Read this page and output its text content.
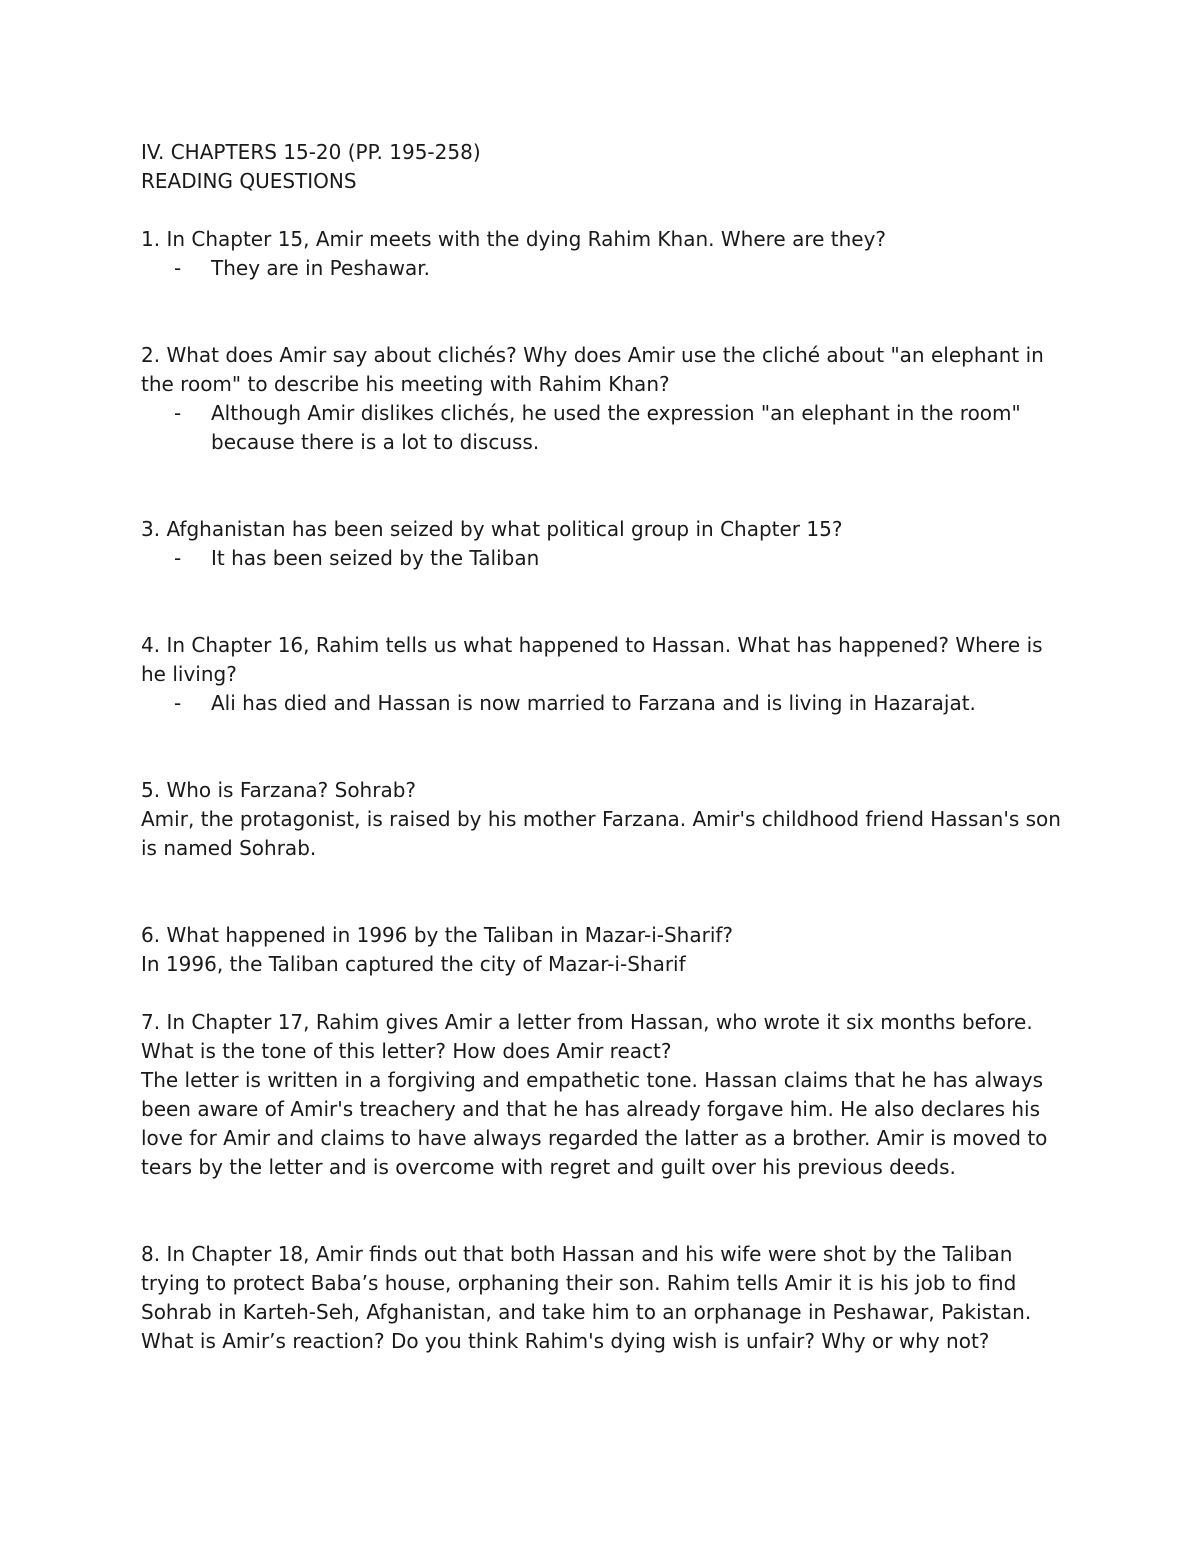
IV. CHAPTERS 15-20 (PP. 195-258)

READING QUESTIONS

1. In Chapter 15, Amir meets with the dying Rahim Khan. Where are they?

- They are in Peshawar.

2. What does Amir say about clichés? Why does Amir use the cliché about "an elephant in the room" to describe his meeting with Rahim Khan?

- Although Amir dislikes clichés, he used the expression "an elephant in the room" because there is a lot to discuss.

3. Afghanistan has been seized by what political group in Chapter 15?

- It has been seized by the Taliban

4. In Chapter 16, Rahim tells us what happened to Hassan. What has happened? Where is he living?

- Ali has died and Hassan is now married to Farzana and is living in Hazarajat.

5. Who is Farzana? Sohrab?

Amir, the protagonist, is raised by his mother Farzana. Amir's childhood friend Hassan's son is named Sohrab.

6. What happened in 1996 by the Taliban in Mazar-i-Sharif?

In 1996, the Taliban captured the city of Mazar-i-Sharif

7. In Chapter 17, Rahim gives Amir a letter from Hassan, who wrote it six months before. What is the tone of this letter? How does Amir react?

The letter is written in a forgiving and empathetic tone. Hassan claims that he has always been aware of Amir's treachery and that he has already forgave him. He also declares his love for Amir and claims to have always regarded the latter as a brother. Amir is moved to tears by the letter and is overcome with regret and guilt over his previous deeds.

8. In Chapter 18, Amir finds out that both Hassan and his wife were shot by the Taliban trying to protect Baba’s house, orphaning their son. Rahim tells Amir it is his job to find Sohrab in Karteh-Seh, Afghanistan, and take him to an orphanage in Peshawar, Pakistan. What is Amir’s reaction? Do you think Rahim's dying wish is unfair? Why or why not?
